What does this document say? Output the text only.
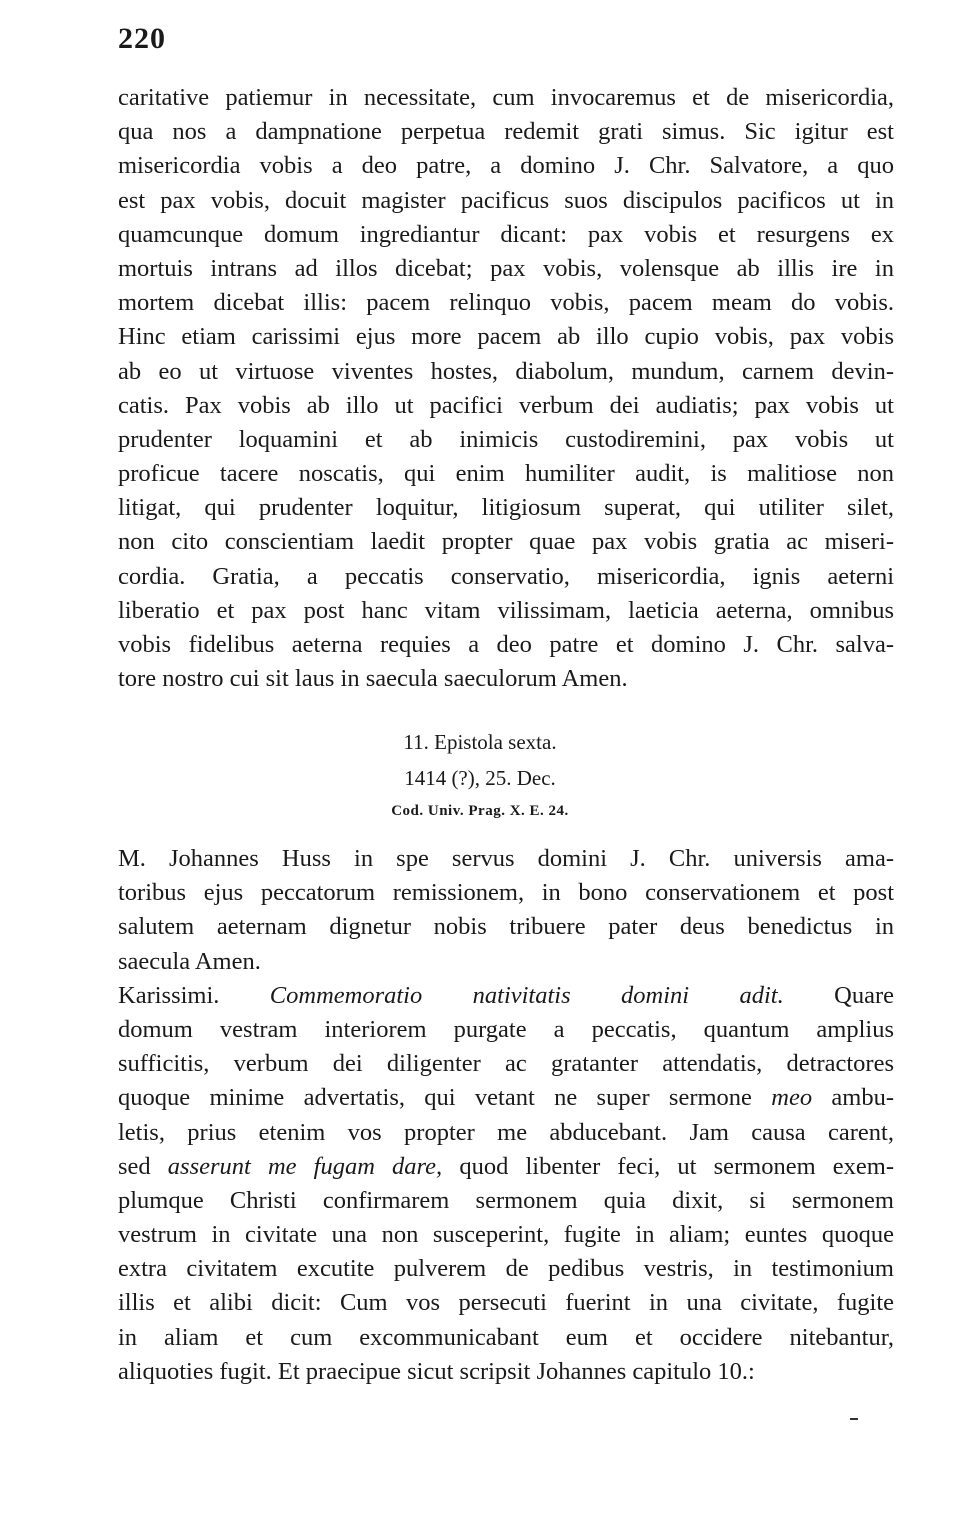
220
caritative patiemur in necessitate, cum invocaremus et de misericordia,
qua nos a dampnatione perpetua redemit grati simus. Sic igitur est
misericordia vobis a deo patre, a domino J. Chr. Salvatore, a quo
est pax vobis, docuit magister pacificus suos discipulos pacificos ut in
quamcunque domum ingrediantur dicant: pax vobis et resurgens ex
mortuis intrans ad illos dicebat; pax vobis, volensque ab illis ire in
mortem dicebat illis: pacem relinquo vobis, pacem meam do vobis.
Hinc etiam carissimi ejus more pacem ab illo cupio vobis, pax vobis
ab eo ut virtuose viventes hostes, diabolum, mundum, carnem devin-
catis. Pax vobis ab illo ut pacifici verbum dei audiatis; pax vobis ut
prudenter loquamini et ab inimicis custodiremini, pax vobis ut
proficue tacere noscatis, qui enim humiliter audit, is malitiose non
litigat, qui prudenter loquitur, litigiosum superat, qui utiliter silet,
non cito conscientiam laedit propter quae pax vobis gratia ac miseri-
cordia. Gratia, a peccatis conservatio, misericordia, ignis aeterni
liberatio et pax post hanc vitam vilissimam, laeticia aeterna, omnibus
vobis fidelibus aeterna requies a deo patre et domino J. Chr. salva-
tore nostro cui sit laus in saecula saeculorum Amen.
11. Epistola sexta.
1414 (?), 25. Dec.
Cod. Univ. Prag. X. E. 24.
M. Johannes Huss in spe servus domini J. Chr. universis ama-
toribus ejus peccatorum remissionem, in bono conservationem et post
salutem aeternam dignetur nobis tribuere pater deus benedictus in
saecula Amen.
Karissimi. Commemoratio nativitatis domini adit. Quare
domum vestram interiorem purgate a peccatis, quantum amplius
sufficitis, verbum dei diligenter ac gratanter attendatis, detractores
quoque minime advertatis, qui vetant ne super sermone meo ambu-
letis, prius etenim vos propter me abducebant. Jam causa carent,
sed asserunt me fugam dare, quod libenter feci, ut sermonem exem-
plumque Christi confirmarem sermonem quia dixit, si sermonem
vestrum in civitate una non susceperint, fugite in aliam; euntes quoque
extra civitatem excutite pulverem de pedibus vestris, in testimonium
illis et alibi dicit: Cum vos persecuti fuerint in una civitate, fugite
in aliam et cum excommunicabant eum et occidere nitebantur,
aliquoties fugit. Et praecipue sicut scripsit Johannes capitulo 10.:
